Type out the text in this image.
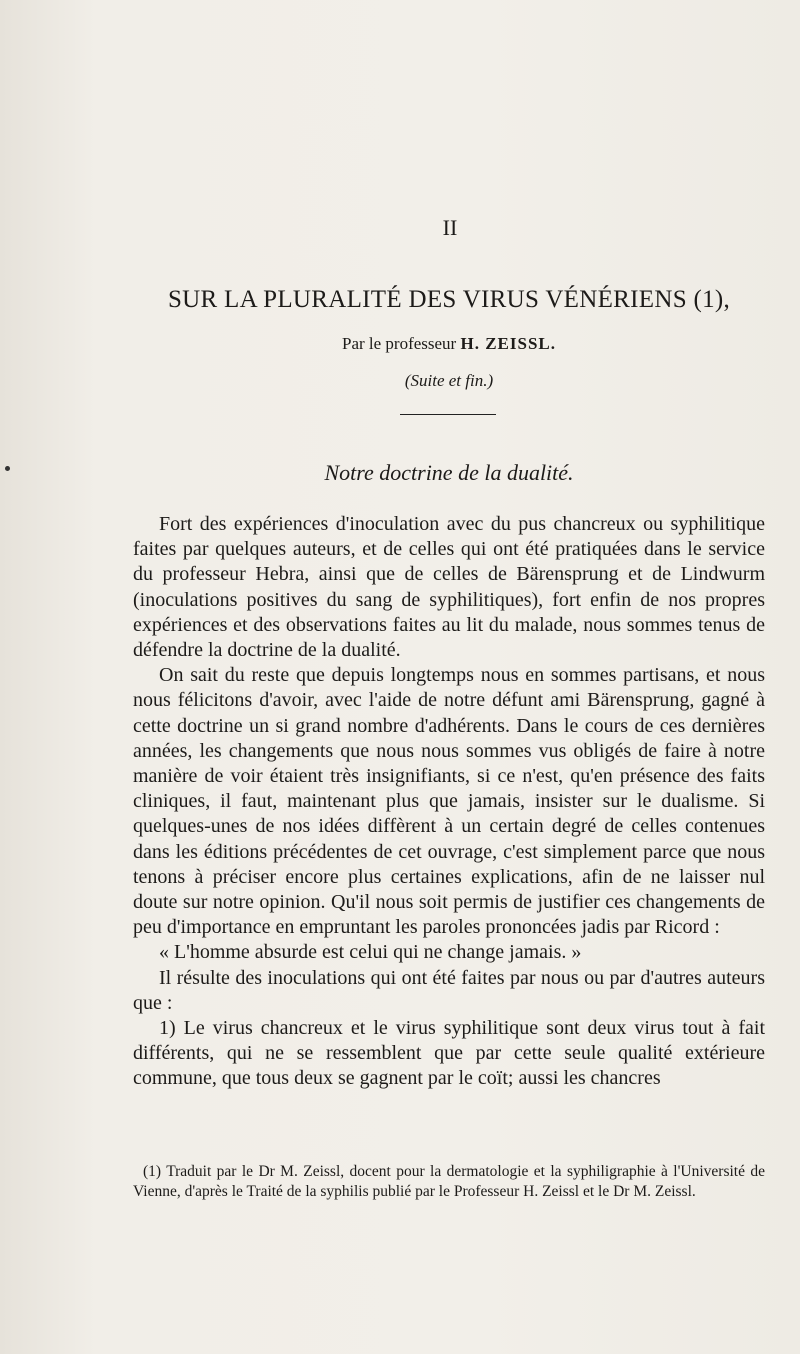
II
SUR LA PLURALITÉ DES VIRUS VÉNÉRIENS (1),
Par le professeur H. ZEISSL.
(Suite et fin.)
Notre doctrine de la dualité.

Fort des expériences d'inoculation avec du pus chancreux ou syphilitique faites par quelques auteurs, et de celles qui ont été pratiquées dans le service du professeur Hebra, ainsi que de celles de Bärensprung et de Lindwurm (inoculations positives du sang de syphilitiques), fort enfin de nos propres expériences et des observations faites au lit du malade, nous sommes tenus de défendre la doctrine de la dualité.

On sait du reste que depuis longtemps nous en sommes partisans, et nous nous félicitons d'avoir, avec l'aide de notre défunt ami Bärensprung, gagné à cette doctrine un si grand nombre d'adhérents. Dans le cours de ces dernières années, les changements que nous nous sommes vus obligés de faire à notre manière de voir étaient très insignifiants, si ce n'est, qu'en présence des faits cliniques, il faut, maintenant plus que jamais, insister sur le dualisme. Si quelques-unes de nos idées diffèrent à un certain degré de celles contenues dans les éditions précédentes de cet ouvrage, c'est simplement parce que nous tenons à préciser encore plus certaines explications, afin de ne laisser nul doute sur notre opinion. Qu'il nous soit permis de justifier ces changements de peu d'importance en empruntant les paroles prononcées jadis par Ricord :

« L'homme absurde est celui qui ne change jamais. »

Il résulte des inoculations qui ont été faites par nous ou par d'autres auteurs que :

1) Le virus chancreux et le virus syphilitique sont deux virus tout à fait différents, qui ne se ressemblent que par cette seule qualité extérieure commune, que tous deux se gagnent par le coït; aussi les chancres

(1) Traduit par le Dr M. Zeissl, docent pour la dermatologie et la syphiligraphie à l'Université de Vienne, d'après le Traité de la syphilis publié par le Professeur H. Zeissl et le Dr M. Zeissl.
